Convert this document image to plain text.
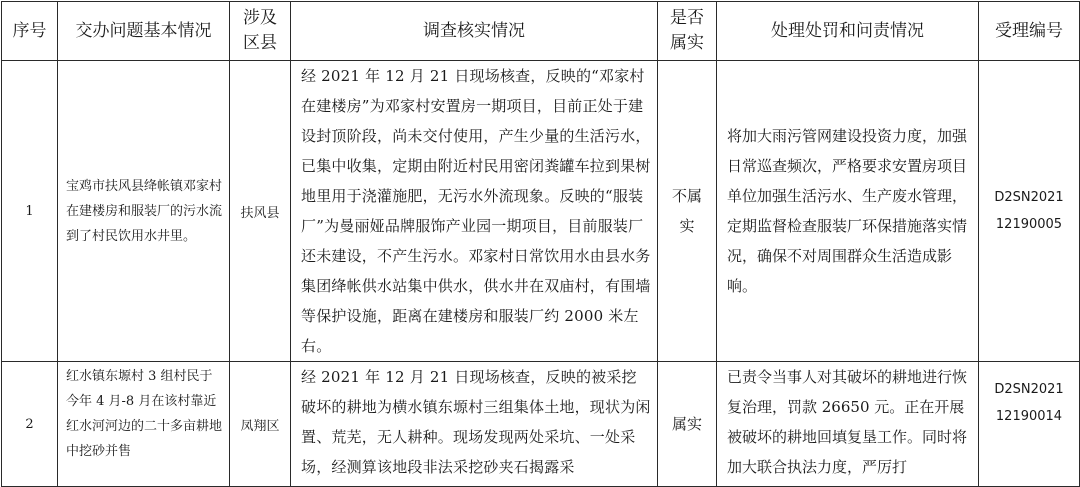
序号	交办问题基本情况	涉及区县	调查核实情况	是否属实	处理处罚和问责情况	受理编号
1	宝鸡市扶风县绛帐镇邓家村在建楼房和服装厂的污水流到了村民饮用水井里。	扶风县	经 2021 年 12 月 21 日现场核查，反映的“邓家村在建楼房”为邓家村安置房一期项目，目前正处于建设封顶阶段，尚未交付使用，产生少量的生活污水，已集中收集，定期由附近村民用密闭粪罐车拉到果树地里用于浇灌施肥，无污水外流现象。反映的“服装厂”为曼丽娅品牌服饰产业园一期项目，目前服装厂还未建设，不产生污水。邓家村日常饮用水由县水务集团绛帐供水站集中供水，供水井在双庙村，有围墙等保护设施，距离在建楼房和服装厂约 2000 米左右。	不属实	将加大雨污管网建设投资力度，加强日常巡查频次，严格要求安置房项目单位加强生活污水、生产废水管理，定期监督检查服装厂环保措施落实情况，确保不对周围群众生活造成影响。	D2SN202112190005
2	红水镇东塬村 3 组村民于今年 4 月-8 月在该村靠近红水河河边的二十多亩耕地中挖砂并售	凤翔区	经 2021 年 12 月 21 日现场核查，反映的被采挖破坏的耕地为横水镇东塬村三组集体土地，现状为闲置、荒芜，无人耕种。现场发现两处采坑、一处采场，经测算该地段非法采挖砂夹石揭露采	属实	已责令当事人对其破坏的耕地进行恢复治理，罚款 26650 元。正在开展被破坏的耕地回填复垦工作。同时将加大联合执法力度，严厉打	D2SN202112190014
